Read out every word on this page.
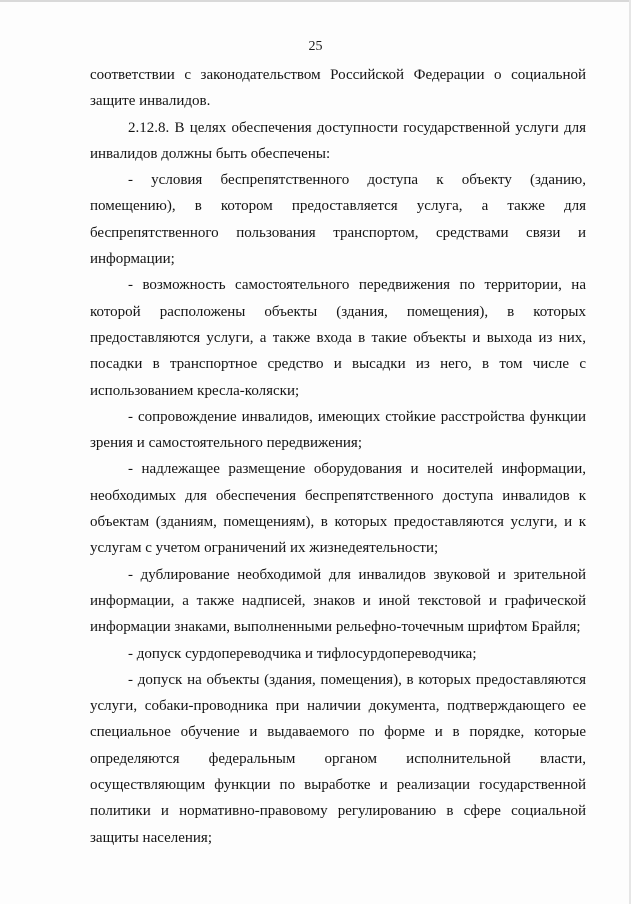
25

соответствии с законодательством Российской Федерации о социальной защите инвалидов.

2.12.8. В целях обеспечения доступности государственной услуги для инвалидов должны быть обеспечены:

- условия беспрепятственного доступа к объекту (зданию, помещению), в котором предоставляется услуга, а также для беспрепятственного пользования транспортом, средствами связи и информации;

- возможность самостоятельного передвижения по территории, на которой расположены объекты (здания, помещения), в которых предоставляются услуги, а также входа в такие объекты и выхода из них, посадки в транспортное средство и высадки из него, в том числе с использованием кресла-коляски;

- сопровождение инвалидов, имеющих стойкие расстройства функции зрения и самостоятельного передвижения;

- надлежащее размещение оборудования и носителей информации, необходимых для обеспечения беспрепятственного доступа инвалидов к объектам (зданиям, помещениям), в которых предоставляются услуги, и к услугам с учетом ограничений их жизнедеятельности;

- дублирование необходимой для инвалидов звуковой и зрительной информации, а также надписей, знаков и иной текстовой и графической информации знаками, выполненными рельефно-точечным шрифтом Брайля;

- допуск сурдопереводчика и тифлосурдопереводчика;

- допуск на объекты (здания, помещения), в которых предоставляются услуги, собаки-проводника при наличии документа, подтверждающего ее специальное обучение и выдаваемого по форме и в порядке, которые определяются федеральным органом исполнительной власти, осуществляющим функции по выработке и реализации государственной политики и нормативно-правовому регулированию в сфере социальной защиты населения;
